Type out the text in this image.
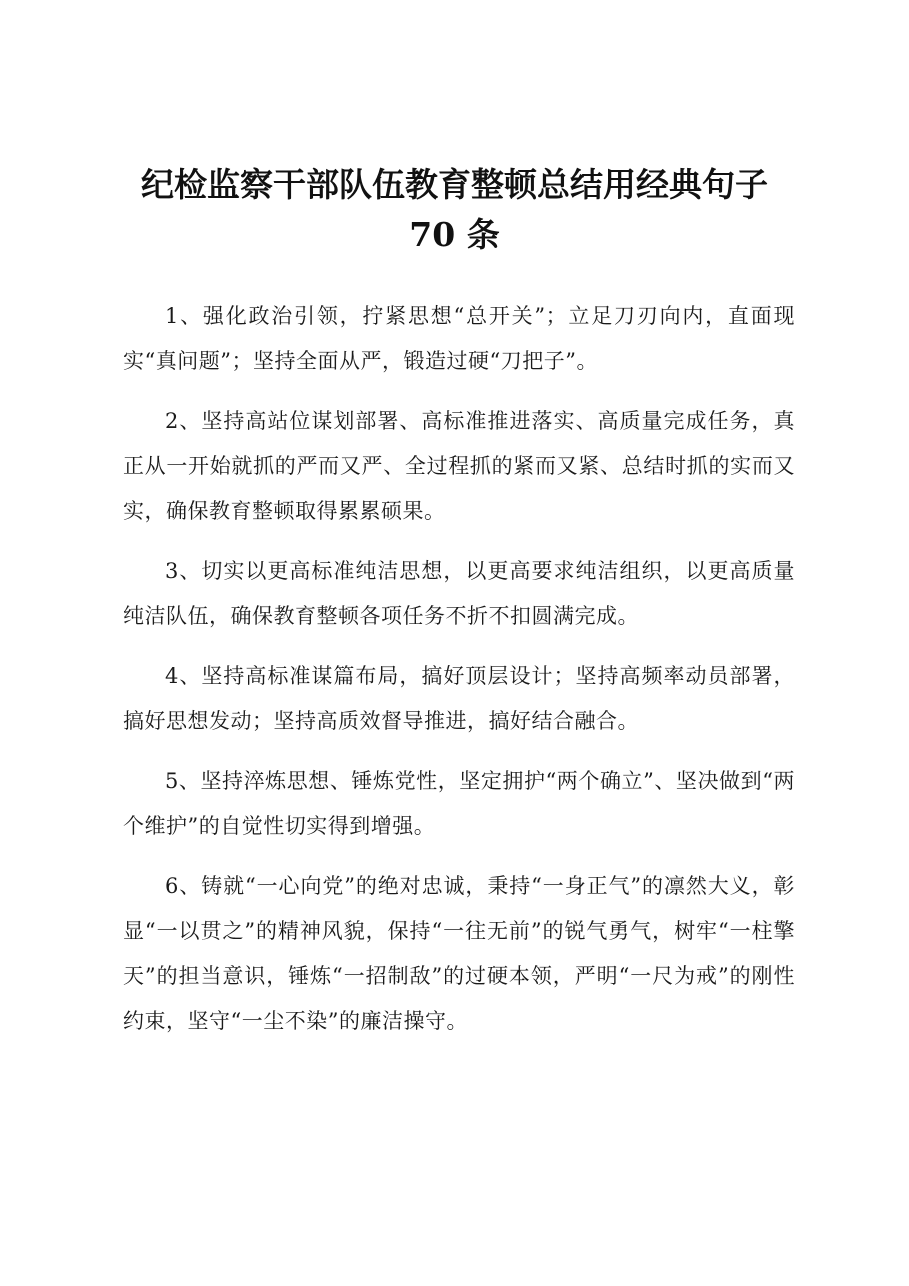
纪检监察干部队伍教育整顿总结用经典句子
70 条

1、强化政治引领，拧紧思想“总开关”；立足刀刃向内，直面现实“真问题”；坚持全面从严，锻造过硬“刀把子”。

2、坚持高站位谋划部署、高标准推进落实、高质量完成任务，真正从一开始就抓的严而又严、全过程抓的紧而又紧、总结时抓的实而又实，确保教育整顿取得累累硕果。

3、切实以更高标准纯洁思想，以更高要求纯洁组织，以更高质量纯洁队伍，确保教育整顿各项任务不折不扣圆满完成。

4、坚持高标准谋篇布局，搞好顶层设计；坚持高频率动员部署，搞好思想发动；坚持高质效督导推进，搞好结合融合。

5、坚持淬炼思想、锤炼党性，坚定拥护“两个确立”、坚决做到“两个维护”的自觉性切实得到增强。

6、铸就“一心向党”的绝对忠诚，秉持“一身正气”的凛然大义，彰显“一以贯之”的精神风貌，保持“一往无前”的锐气勇气，树牢“一柱擎天”的担当意识，锤炼“一招制敌”的过硬本领，严明“一尺为戒”的刚性约束，坚守“一尘不染”的廉洁操守。
